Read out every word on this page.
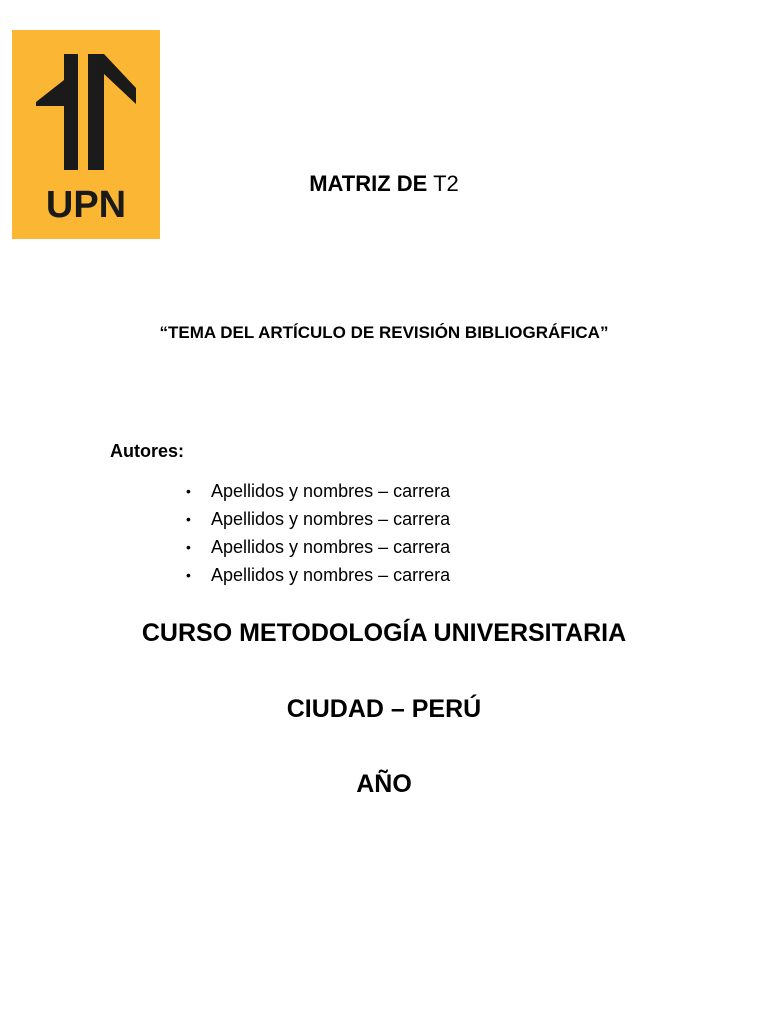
UPN
MATRIZ DE T2
“TEMA DEL ARTÍCULO DE REVISIÓN BIBLIOGRÁFICA”
Autores:
• Apellidos y nombres – carrera
• Apellidos y nombres – carrera
• Apellidos y nombres – carrera
• Apellidos y nombres – carrera
CURSO METODOLOGÍA UNIVERSITARIA
CIUDAD – PERÚ
AÑO
